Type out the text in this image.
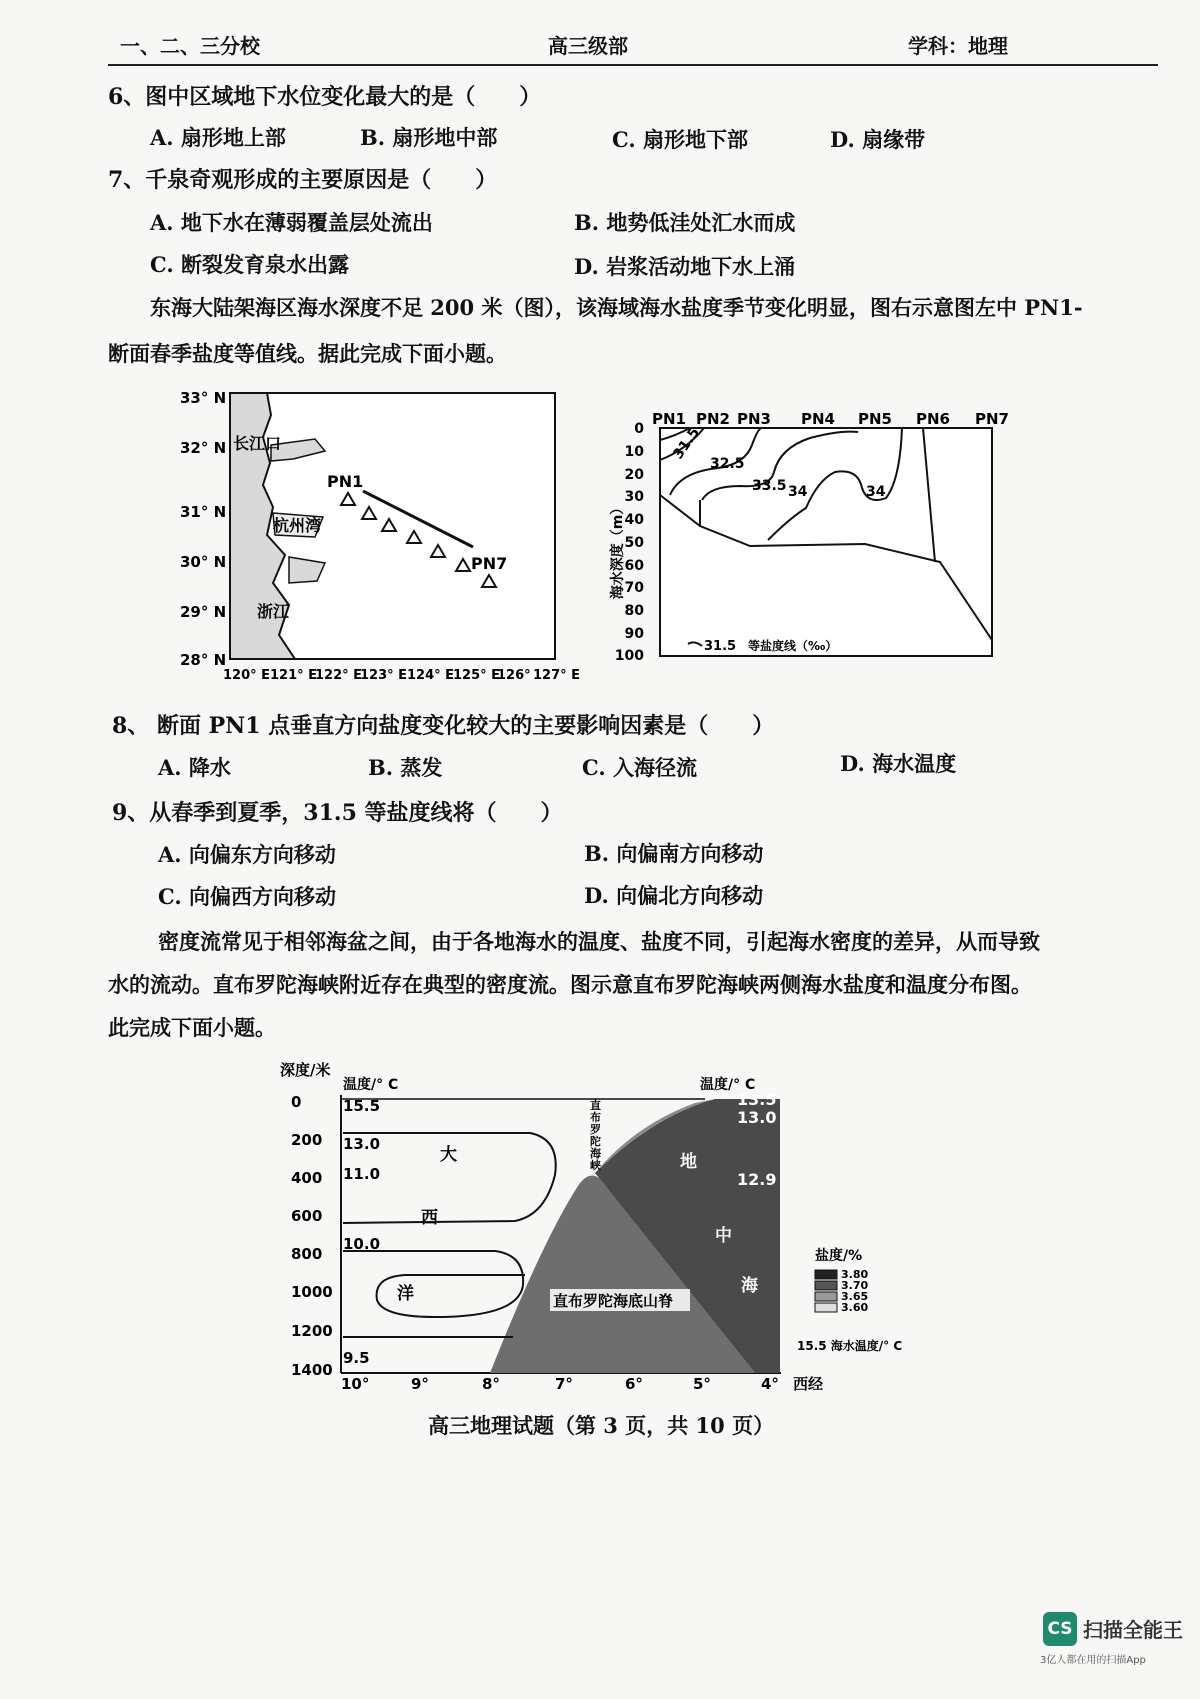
一、二、三分校	高三级部	学科：地理
6、图中区域地下水位变化最大的是（　　）
A. 扇形地上部	B. 扇形地中部	C. 扇形地下部	D. 扇缘带
7、千泉奇观形成的主要原因是（　　）
A. 地下水在薄弱覆盖层处流出	B. 地势低洼处汇水而成
C. 断裂发育泉水出露	D. 岩浆活动地下水上涌
东海大陆架海区海水深度不足 200 米（图），该海域海水盐度季节变化明显，图右示意图左中 PN1-
断面春季盐度等值线。据此完成下面小题。
33° N
32° N
31° N
30° N
29° N
28° N
120° E 121° E
122° E
123° E 124° E
125° E
126° 127° E
长江口
杭州湾
浙江
PN1
PN7
PN1 PN2 PN3 PN4 PN5 PN6 PN7
0
10
20
30
40
50
60
70
80
90
100
海水深度（m）
31.5
32.5
33.5 34	34
31.5 等盐度线（‰）
8、 断面 PN1 点垂直方向盐度变化较大的主要影响因素是（　　）
A. 降水	B. 蒸发	C. 入海径流	D. 海水温度
9、从春季到夏季，31.5 等盐度线将（　　）
A. 向偏东方向移动	B. 向偏南方向移动
C. 向偏西方向移动	D. 向偏北方向移动
密度流常见于相邻海盆之间，由于各地海水的温度、盐度不同，引起海水密度的差异，从而导致
水的流动。直布罗陀海峡附近存在典型的密度流。图示意直布罗陀海峡两侧海水盐度和温度分布图。
此完成下面小题。
深度/米
0
200
400
600
800
1000
1200
1400
温度/° C	温度/° C
15.5
13.0
11.0
10.0
9.5
13.5
13.0
12.9
大
西
洋
地
中
海
直
布
罗
陀
海
峡
直布罗陀海底山脊
10°	9°	8°	7°	6°	5°	4° 西经
盐度/%
3.80
3.70
3.65
3.60
15.5 海水温度/° C
高三地理试题（第 3 页，共 10 页）
CS 扫描全能王
3亿人都在用的扫描App
